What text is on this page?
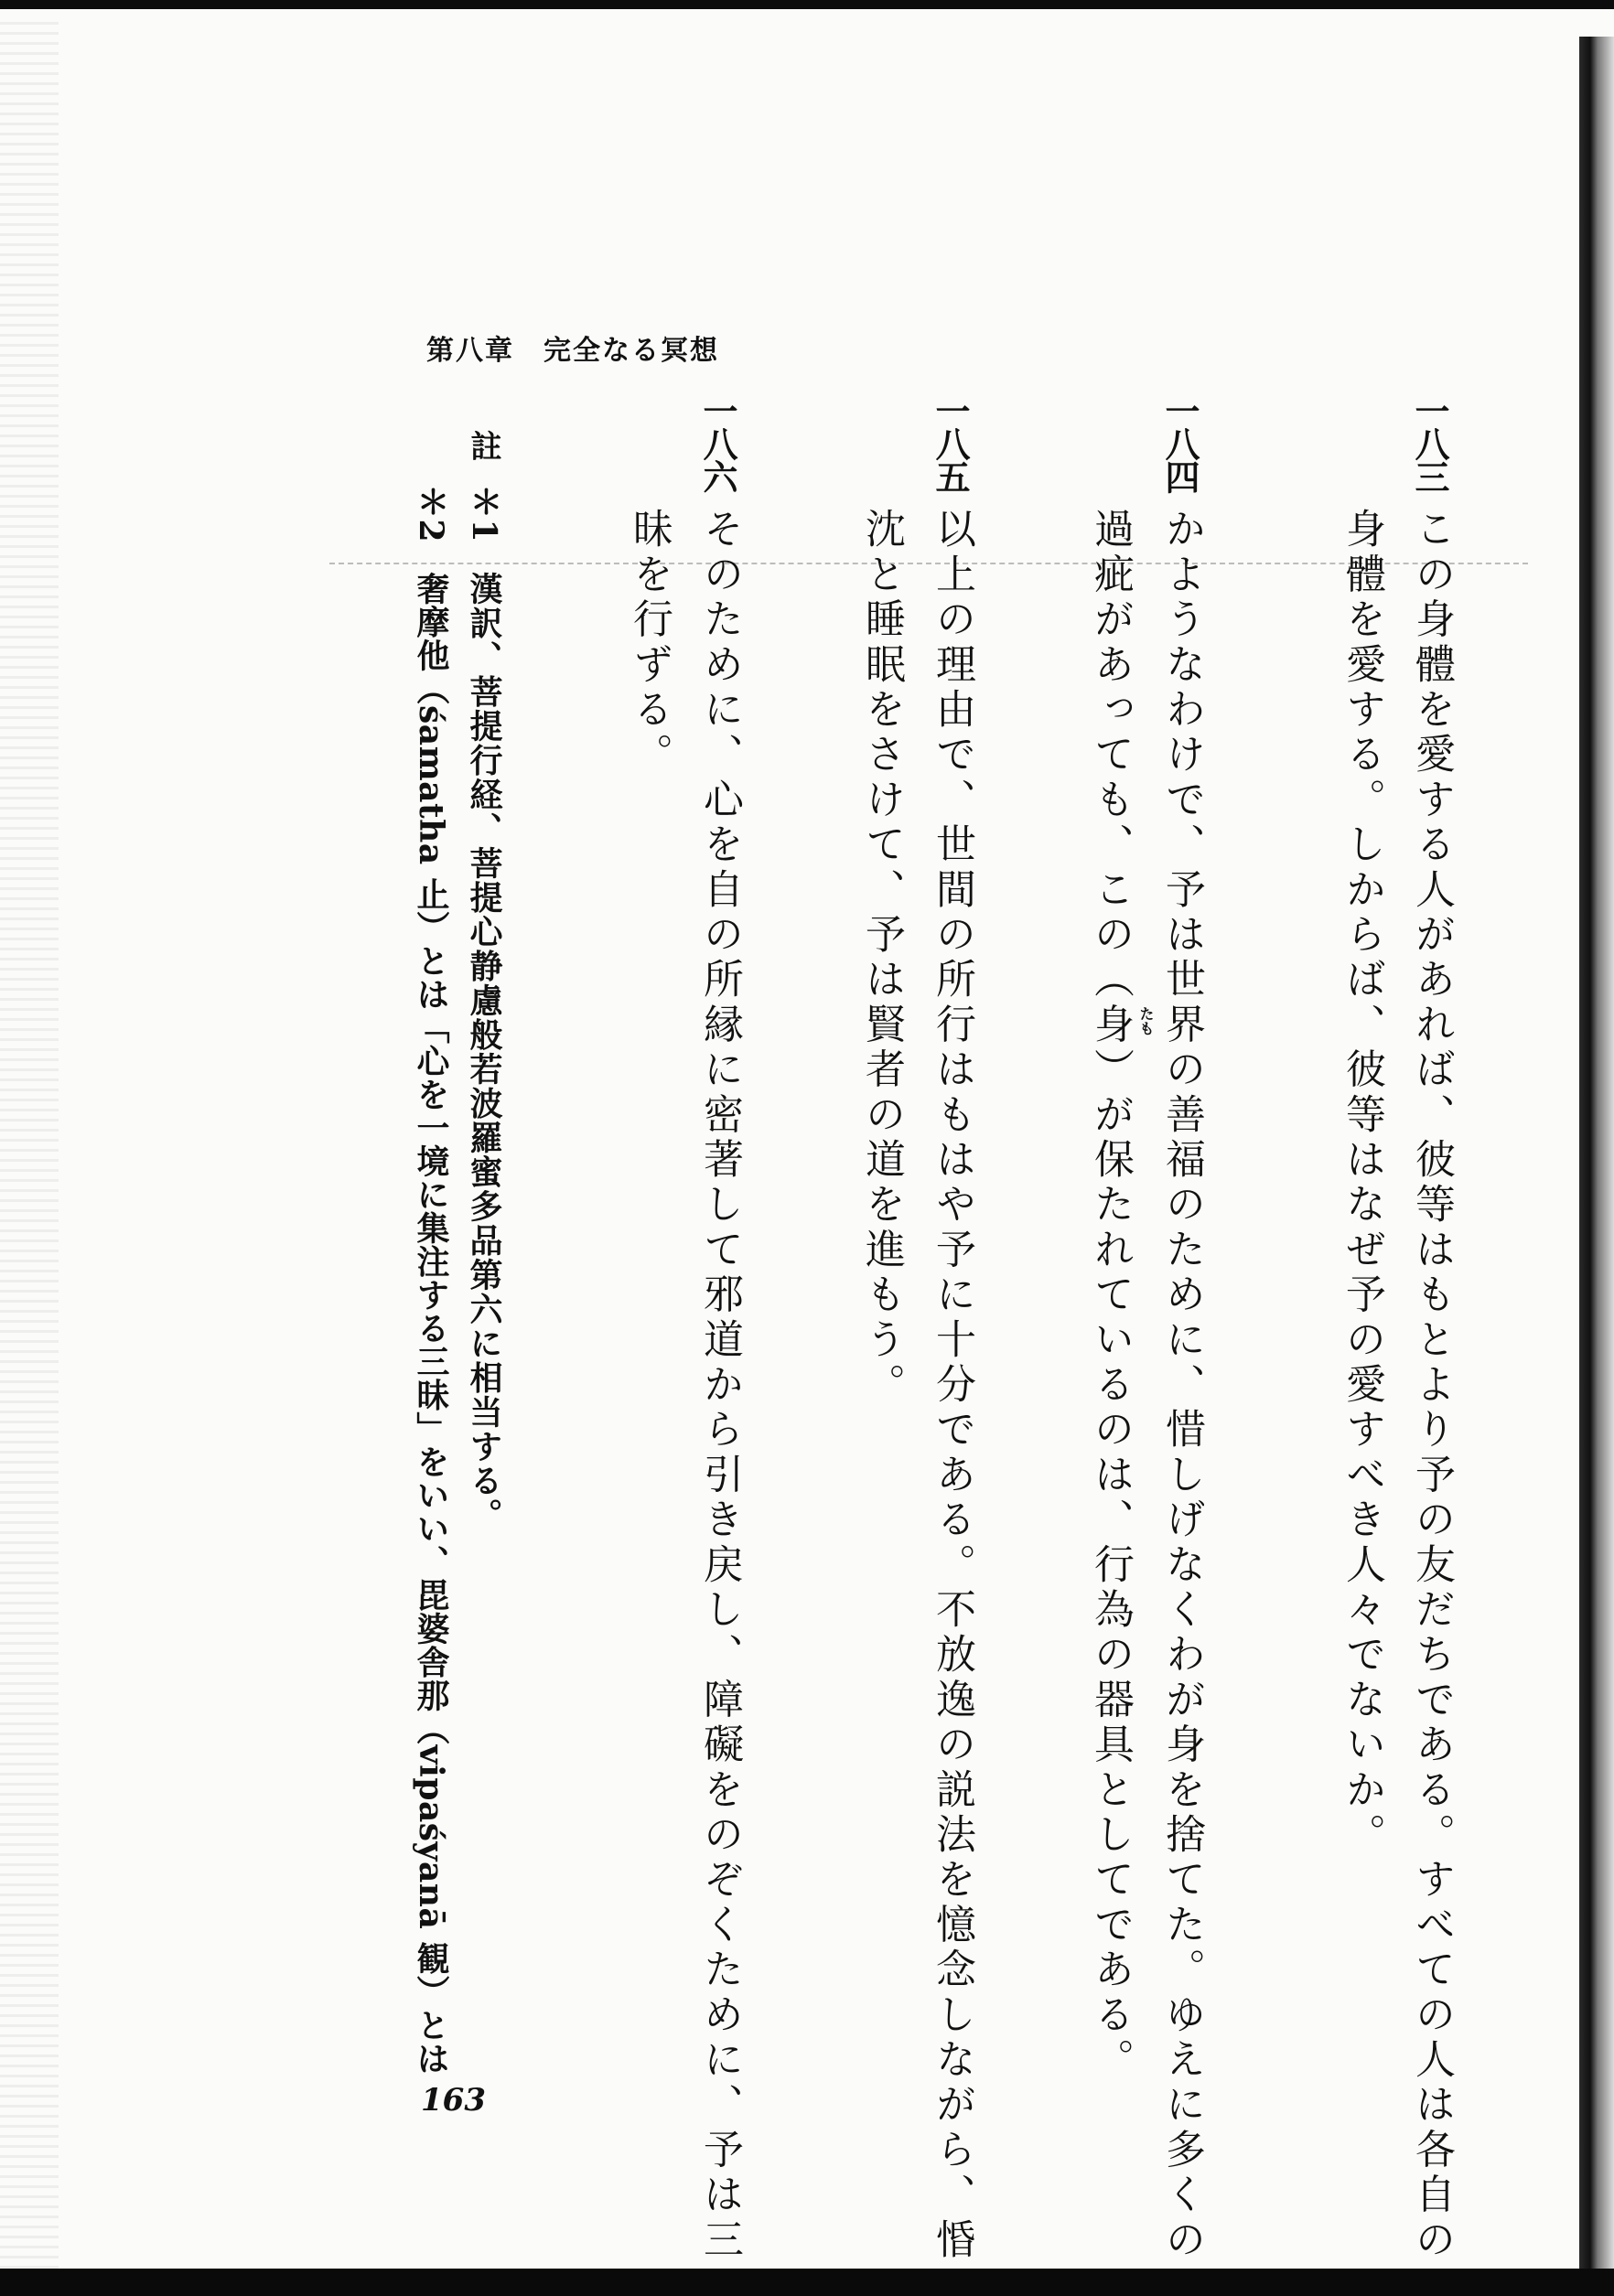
第八章　完全なる冥想
一八三
この身體を愛する人があれば、彼等はもとより予の友だちである。すべての人は各自の
身體を愛する。しからば、彼等はなぜ予の愛すべき人々でないか。
一八四
かようなわけで、予は世界の善福のために、惜しげなくわが身を捨てた。ゆえに多くの
過疵があっても、この（身）が保たれているのは、行為の器具としてである。 たも
一八五
以上の理由で、世間の所行はもはや予に十分である。不放逸の説法を憶念しながら、惛
沈と睡眠をさけて、予は賢者の道を進もう。
一八六
そのために、心を自の所縁に密著して邪道から引き戻し、障礙をのぞくために、予は三
昧を行ずる。
註
＊1
漢訳、菩提行経、菩提心静慮般若波羅蜜多品第六に相当する。
＊2
奢摩他（śamatha 止）とは「心を一境に集注する三昧」をいい、毘婆舎那（vipaśyanā 観）とは
163
